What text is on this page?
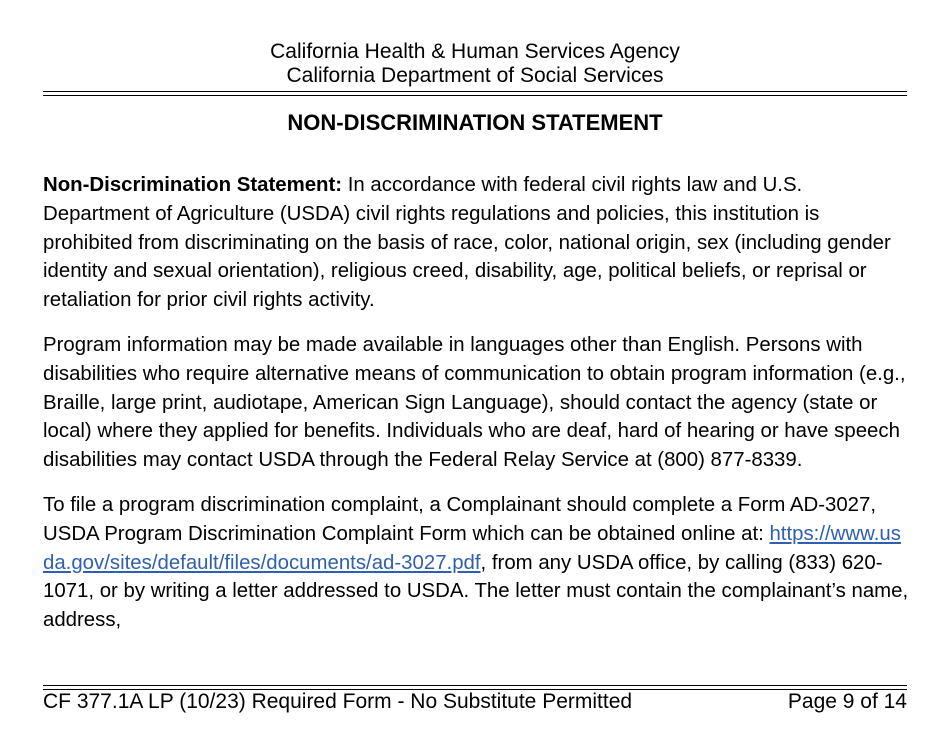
California Health & Human Services Agency
California Department of Social Services
NON-DISCRIMINATION STATEMENT

Non-Discrimination Statement: In accordance with federal civil rights law and U.S. Department of Agriculture (USDA) civil rights regulations and policies, this institution is prohibited from discriminating on the basis of race, color, national origin, sex (including gender identity and sexual orientation), religious creed, disability, age, political beliefs, or reprisal or retaliation for prior civil rights activity.

Program information may be made available in languages other than English. Persons with disabilities who require alternative means of communication to obtain program information (e.g., Braille, large print, audiotape, American Sign Language), should contact the agency (state or local) where they applied for benefits. Individuals who are deaf, hard of hearing or have speech disabilities may contact USDA through the Federal Relay Service at (800) 877-8339.

To file a program discrimination complaint, a Complainant should complete a Form AD-3027, USDA Program Discrimination Complaint Form which can be obtained online at: https://www.usda.gov/sites/default/files/documents/ad-3027.pdf, from any USDA office, by calling (833) 620-1071, or by writing a letter addressed to USDA. The letter must contain the complainant’s name, address,

CF 377.1A LP (10/23) Required Form - No Substitute Permitted	Page 9 of 14
